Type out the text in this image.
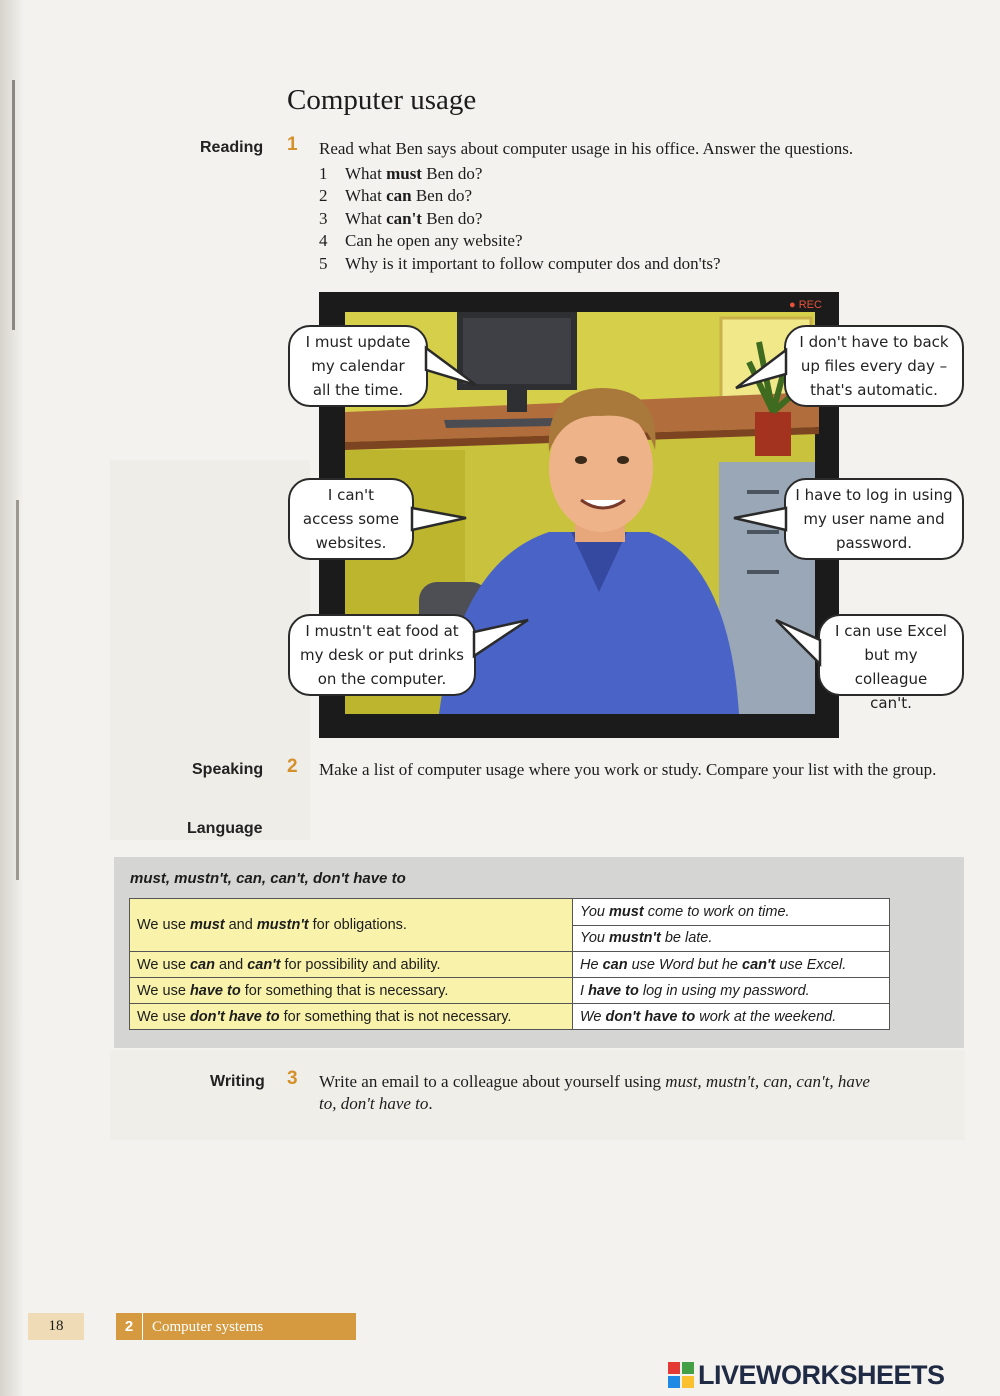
Computer usage
Reading 1 Read what Ben says about computer usage in his office. Answer the questions.
1 What must Ben do?
2 What can Ben do?
3 What can't Ben do?
4 Can he open any website?
5 Why is it important to follow computer dos and don'ts?
● REC
I must update
my calendar
all the time.
I don't have to back
up files every day –
that's automatic.
I can't
access some
websites.
I have to log in using
my user name and
password.
I mustn't eat food at
my desk or put drinks
on the computer.
I can use Excel
but my colleague
can't.
Speaking 2 Make a list of computer usage where you work or study. Compare your list with the group.
Language
must, mustn't, can, can't, don't have to
We use must and mustn't for obligations.	You must come to work on time.
	You mustn't be late.
We use can and can't for possibility and ability.	He can use Word but he can't use Excel.
We use have to for something that is necessary.	I have to log in using my password.
We use don't have to for something that is not necessary.	We don't have to work at the weekend.
Writing 3 Write an email to a colleague about yourself using must, mustn't, can, can't, have
to, don't have to.
18	2 Computer systems
LIVEWORKSHEETS
